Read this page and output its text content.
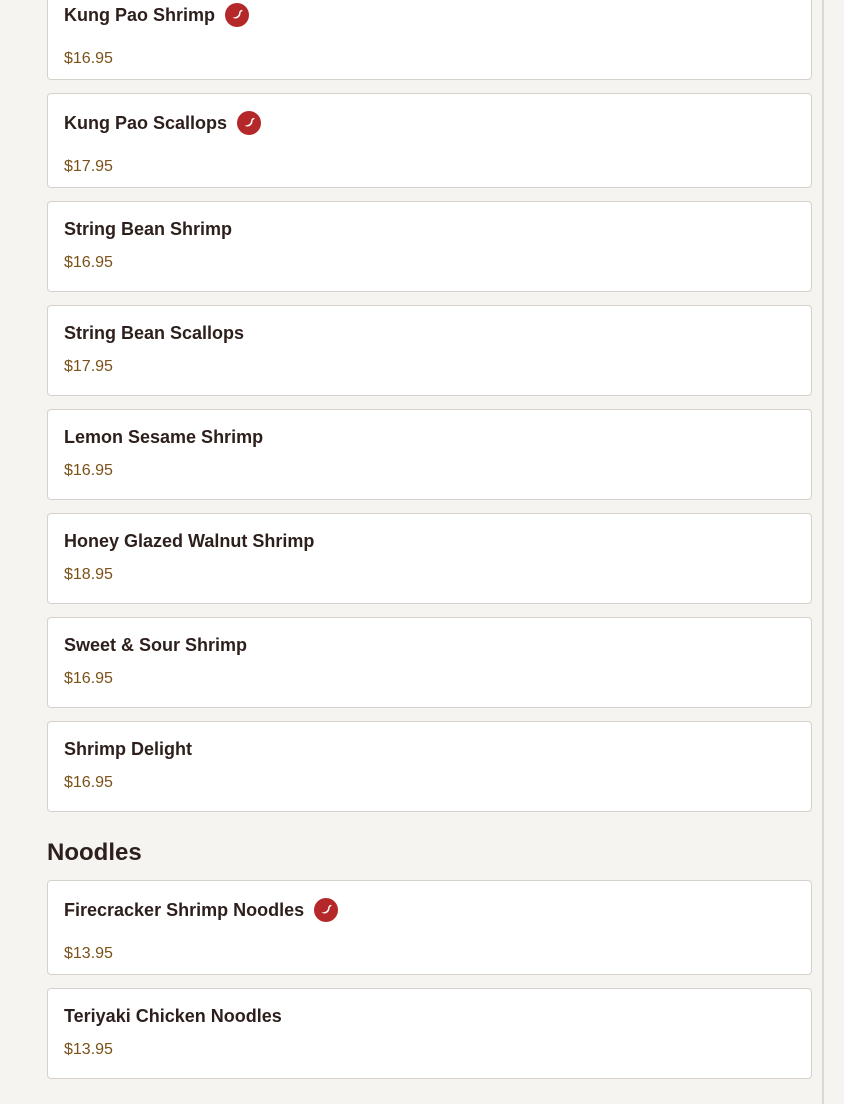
Kung Pao Shrimp
$16.95
Kung Pao Scallops
$17.95
String Bean Shrimp
$16.95
String Bean Scallops
$17.95
Lemon Sesame Shrimp
$16.95
Honey Glazed Walnut Shrimp
$18.95
Sweet & Sour Shrimp
$16.95
Shrimp Delight
$16.95
Noodles
Firecracker Shrimp Noodles
$13.95
Teriyaki Chicken Noodles
$13.95
